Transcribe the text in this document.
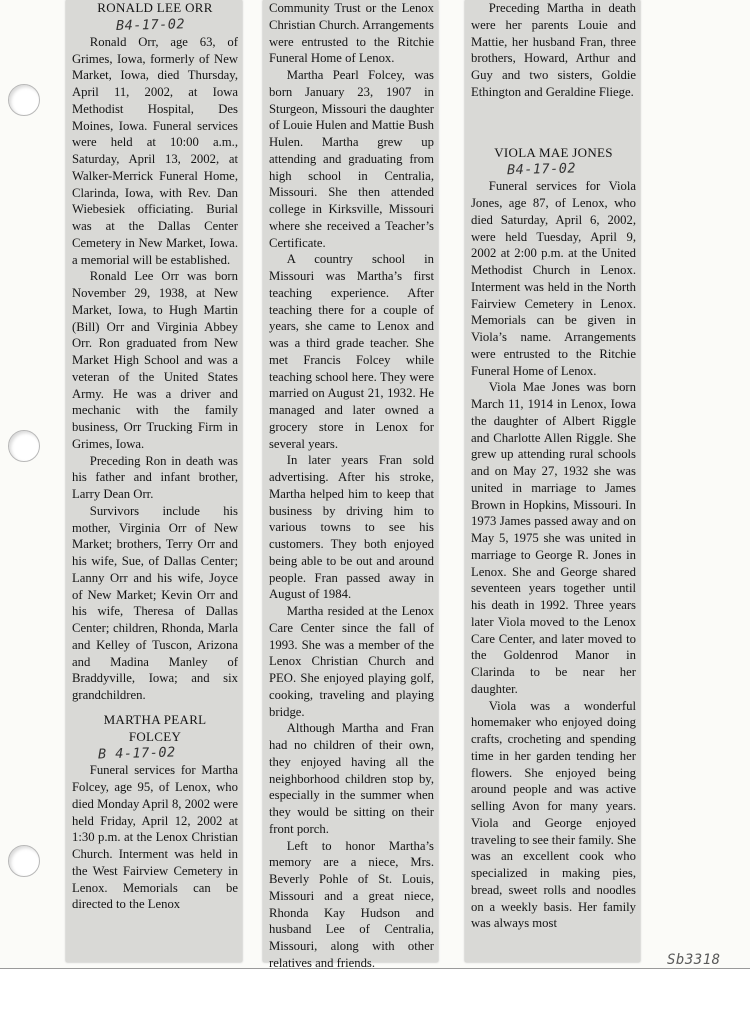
RONALD LEE ORR
B4-17-02

Ronald Orr, age 63, of Grimes, Iowa, formerly of New Market, Iowa, died Thursday, April 11, 2002, at Iowa Methodist Hospital, Des Moines, Iowa. Funeral services were held at 10:00 a.m., Saturday, April 13, 2002, at Walker-Merrick Funeral Home, Clarinda, Iowa, with Rev. Dan Wiebesiek officiating. Burial was at the Dallas Center Cemetery in New Market, Iowa. a memorial will be established.

Ronald Lee Orr was born November 29, 1938, at New Market, Iowa, to Hugh Martin (Bill) Orr and Virginia Abbey Orr. Ron graduated from New Market High School and was a veteran of the United States Army. He was a driver and mechanic with the family business, Orr Trucking Firm in Grimes, Iowa.

Preceding Ron in death was his father and infant brother, Larry Dean Orr.

Survivors include his mother, Virginia Orr of New Market; brothers, Terry Orr and his wife, Sue, of Dallas Center; Lanny Orr and his wife, Joyce of New Market; Kevin Orr and his wife, Theresa of Dallas Center; children, Rhonda, Marla and Kelley of Tuscon, Arizona and Madina Manley of Braddyville, Iowa; and six grandchildren.

MARTHA PEARL FOLCEY
B 4-17-02

Funeral services for Martha Folcey, age 95, of Lenox, who died Monday April 8, 2002 were held Friday, April 12, 2002 at 1:30 p.m. at the Lenox Christian Church. Interment was held in the West Fairview Cemetery in Lenox. Memorials can be directed to the Lenox

Community Trust or the Lenox Christian Church. Arrangements were entrusted to the Ritchie Funeral Home of Lenox.

Martha Pearl Folcey, was born January 23, 1907 in Sturgeon, Missouri the daughter of Louie Hulen and Mattie Bush Hulen. Martha grew up attending and graduating from high school in Centralia, Missouri. She then attended college in Kirksville, Missouri where she received a Teacher’s Certificate.

A country school in Missouri was Martha’s first teaching experience. After teaching there for a couple of years, she came to Lenox and was a third grade teacher. She met Francis Folcey while teaching school here. They were married on August 21, 1932. He managed and later owned a grocery store in Lenox for several years.

In later years Fran sold advertising. After his stroke, Martha helped him to keep that business by driving him to various towns to see his customers. They both enjoyed being able to be out and around people. Fran passed away in August of 1984.

Martha resided at the Lenox Care Center since the fall of 1993. She was a member of the Lenox Christian Church and PEO. She enjoyed playing golf, cooking, traveling and playing bridge.

Although Martha and Fran had no children of their own, they enjoyed having all the neighborhood children stop by, especially in the summer when they would be sitting on their front porch.

Left to honor Martha’s memory are a niece, Mrs. Beverly Pohle of St. Louis, Missouri and a great niece, Rhonda Kay Hudson and husband Lee of Centralia, Missouri, along with other relatives and friends.

Preceding Martha in death were her parents Louie and Mattie, her husband Fran, three brothers, Howard, Arthur and Guy and two sisters, Goldie Ethington and Geraldine Fliege.

VIOLA MAE JONES
B4-17-02

Funeral services for Viola Jones, age 87, of Lenox, who died Saturday, April 6, 2002, were held Tuesday, April 9, 2002 at 2:00 p.m. at the United Methodist Church in Lenox. Interment was held in the North Fairview Cemetery in Lenox. Memorials can be given in Viola’s name. Arrangements were entrusted to the Ritchie Funeral Home of Lenox.

Viola Mae Jones was born March 11, 1914 in Lenox, Iowa the daughter of Albert Riggle and Charlotte Allen Riggle. She grew up attending rural schools and on May 27, 1932 she was united in marriage to James Brown in Hopkins, Missouri. In 1973 James passed away and on May 5, 1975 she was united in marriage to George R. Jones in Lenox. She and George shared seventeen years together until his death in 1992. Three years later Viola moved to the Lenox Care Center, and later moved to the Goldenrod Manor in Clarinda to be near her daughter.

Viola was a wonderful homemaker who enjoyed doing crafts, crocheting and spending time in her garden tending her flowers. She enjoyed being around people and was active selling Avon for many years. Viola and George enjoyed traveling to see their family. She was an excellent cook who specialized in making pies, bread, sweet rolls and noodles on a weekly basis. Her family was always most

Sb3318
